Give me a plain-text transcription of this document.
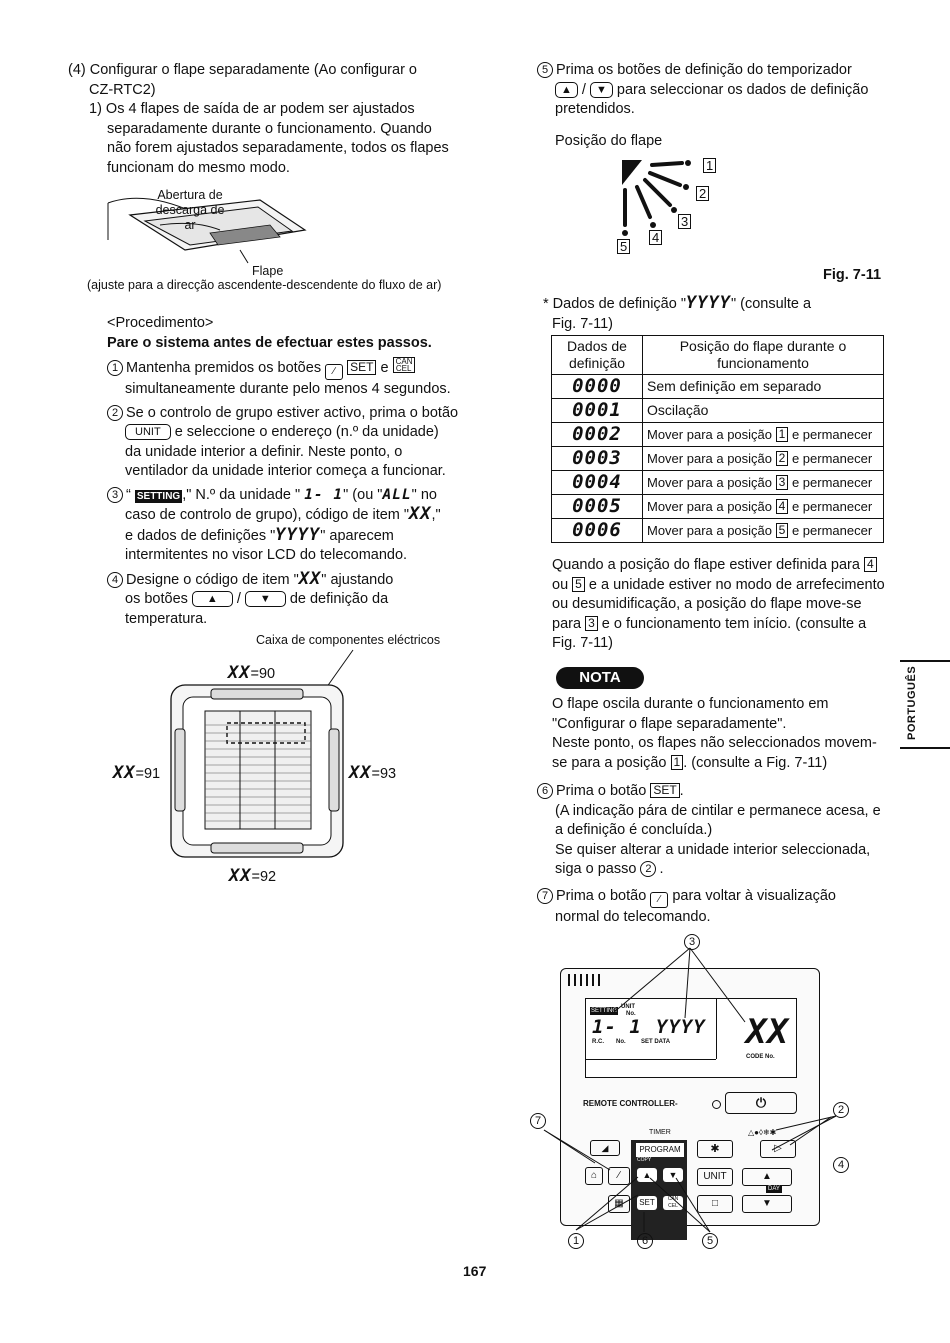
(4) Configurar o flape separadamente (Ao configurar o
CZ-RTC2)
1) Os 4 flapes de saída de ar podem ser ajustados
separadamente durante o funcionamento. Quando
não forem ajustados separadamente, todos os flapes
funcionam do mesmo modo.
Abertura de
descarga de ar
Flape
(ajuste para a direcção ascendente-descendente do fluxo de ar)
<Procedimento>
Pare o sistema antes de efectuar estes passos.
1 Mantenha premidos os botões ∕ SET e CAN CEL
simultaneamente durante pelo menos 4 segundos.
2 Se o controlo de grupo estiver activo, prima o botão
UNIT e seleccione o endereço (n.º da unidade)
da unidade interior a definir. Neste ponto, o
ventilador da unidade interior começa a funcionar.
3 “ SETTING ," N.º da unidade " 1- 1" (ou "ALL" no
caso de controlo de grupo), código de item "XX,"
e dados de definições "YYYY" aparecem
intermitentes no visor LCD do telecomando.
4 Designe o código de item "XX" ajustando
os botões ▲ / ▼ de definição da
temperatura.
Caixa de componentes eléctricos
XX=90
XX=91
XX=92
XX=93
5 Prima os botões de definição do temporizador
▲ / ▼ para seleccionar os dados de definição
pretendidos.
Posição do flape
1
2
3
4
5
Fig. 7-11
* Dados de definição "YYYY" (consulte a
Fig. 7-11)
Dados de definição	Posição do flape durante o funcionamento
0000	Sem definição em separado
0001	Oscilação
0002	Mover para a posição 1 e permanecer
0003	Mover para a posição 2 e permanecer
0004	Mover para a posição 3 e permanecer
0005	Mover para a posição 4 e permanecer
0006	Mover para a posição 5 e permanecer
Quando a posição do flape estiver definida para 4
ou 5 e a unidade estiver no modo de arrefecimento
ou desumidificação, a posição do flape move-se
para 3 e o funcionamento tem início. (consulte a
Fig. 7-11)
NOTA
O flape oscila durante o funcionamento em
"Configurar o flape separadamente".
Neste ponto, os flapes não seleccionados movem-
se para a posição 1 . (consulte a Fig. 7-11)
6 Prima o botão SET .
(A indicação pára de cintilar e permanece acesa, e
a definição é concluída.)
Se quiser alterar a unidade interior seleccionada,
siga o passo 2 .
7 Prima o botão ∕ para voltar à visualização
normal do telecomando.
SETTING
UNIT
No.
1- 1 YYYY XX
R.C. No.	SET DATA
CODE No.
REMOTE CONTROLLER-	⏻
TIMER
PROGRAM
COPY
▲	▼
SET	CAN CEL
◢
⌂	∕
▦
✱
△●◊❄✱
▷
UNIT	▲
DAY
▼
□
3
7
2
4
1	6	5
PORTUGUÊS
167
